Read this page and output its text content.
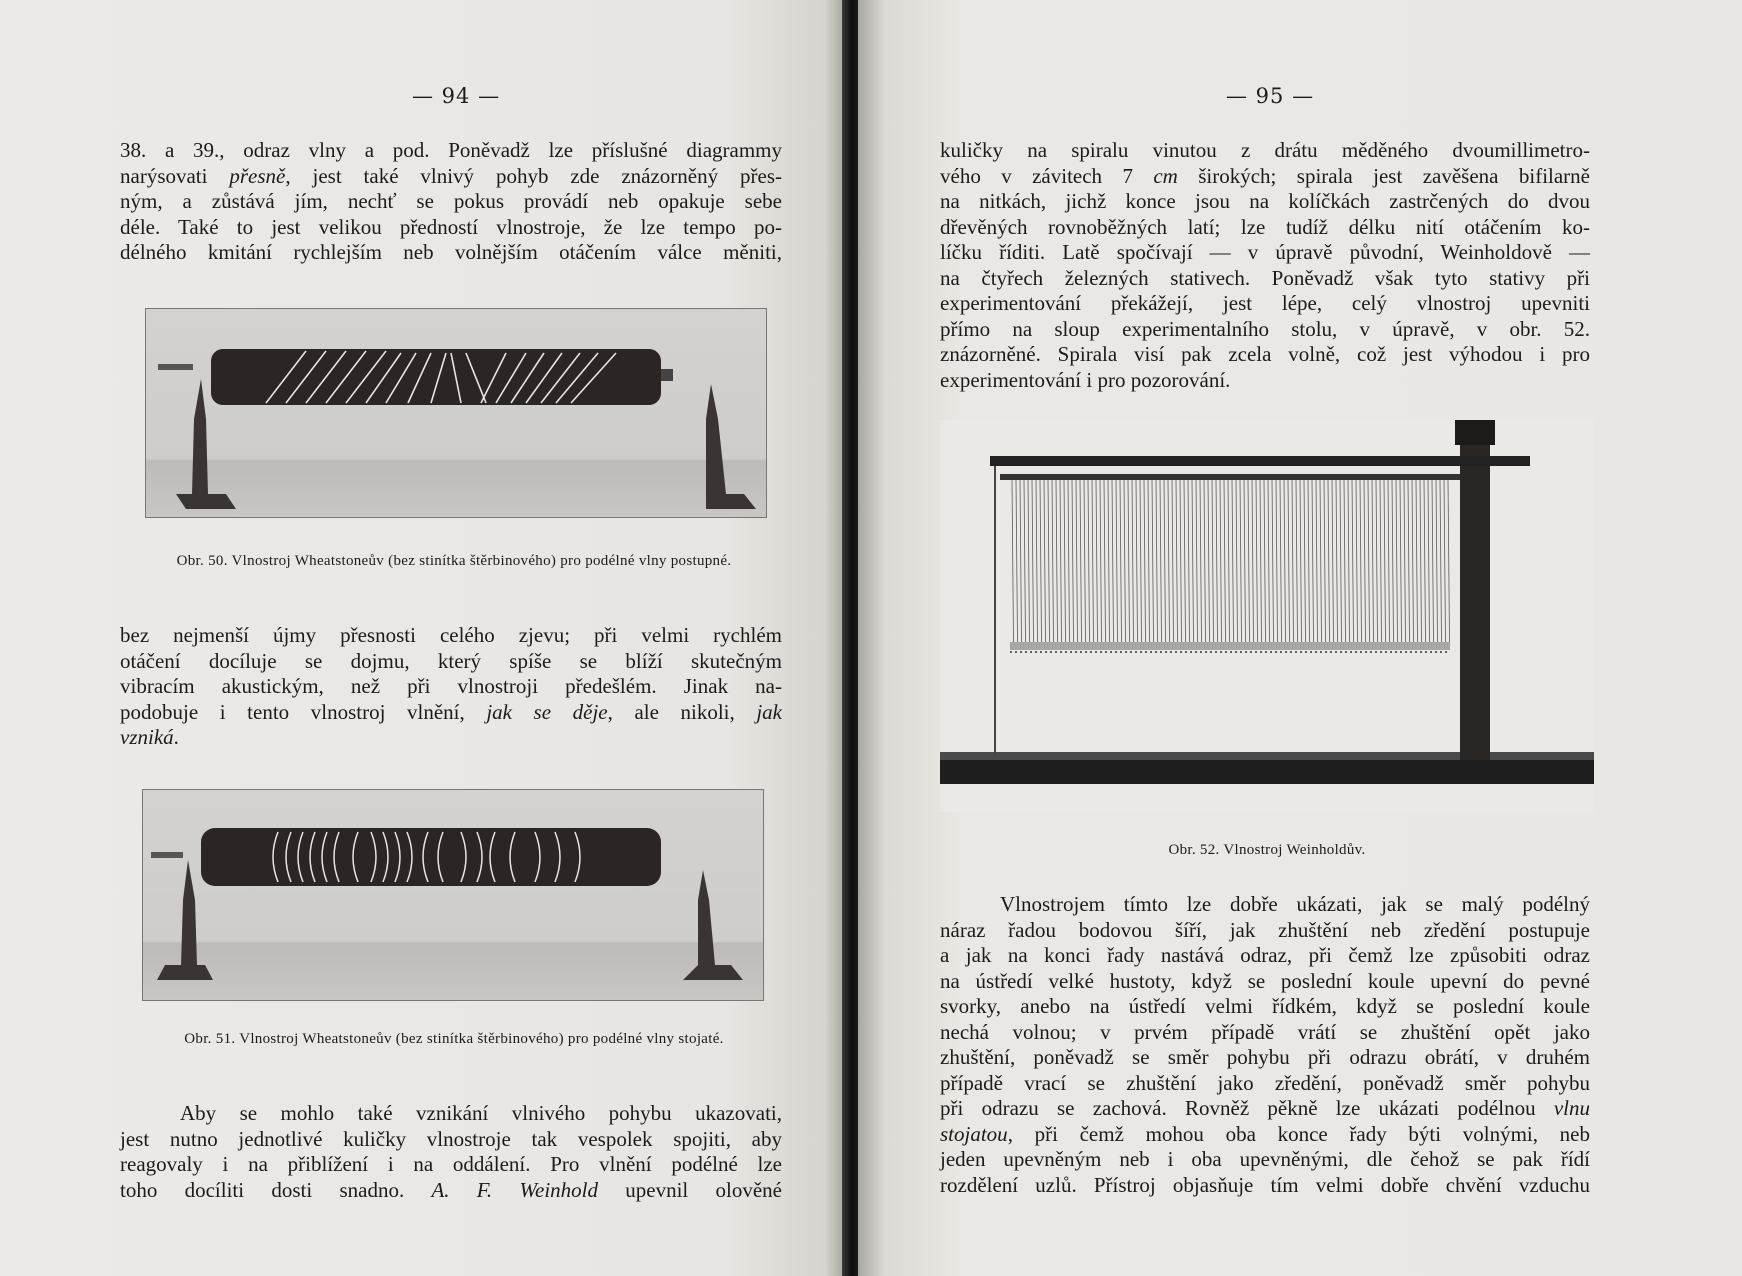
— 94 —

38. a 39., odraz vlny a pod. Poněvadž lze příslušné diagrammy

narýsovati přesně, jest také vlnivý pohyb zde znázorněný přes-

ným, a zůstává jím, nechť se pokus provádí neb opakuje sebe

déle. Také to jest velikou předností vlnostroje, že lze tempo po-

délného kmitání rychlejším neb volnějším otáčením válce měniti,

Obr. 50. Vlnostroj Wheatstoneův (bez stinítka štěrbinového) pro podélné vlny postupné.

bez nejmenší újmy přesnosti celého zjevu; při velmi rychlém

otáčení docíluje se dojmu, který spíše se blíží skutečným

vibracím akustickým, než při vlnostroji předešlém. Jinak na-

podobuje i tento vlnostroj vlnění, jak se děje, ale nikoli, jak

vzniká.

Obr. 51. Vlnostroj Wheatstoneův (bez stinítka štěrbinového) pro podélné vlny stojaté.

Aby se mohlo také vznikání vlnivého pohybu ukazovati,

jest nutno jednotlivé kuličky vlnostroje tak vespolek spojiti, aby

reagovaly i na přiblížení i na oddálení. Pro vlnění podélné lze

toho docíliti dosti snadno. A. F. Weinhold upevnil olověné

— 95 —

kuličky na spiralu vinutou z drátu měděného dvoumillimetro-

vého v závitech 7 cm širokých; spirala jest zavěšena bifilarně

na nitkách, jichž konce jsou na kolíčkách zastrčených do dvou

dřevěných rovnoběžných latí; lze tudíž délku nití otáčením ko-

líčku říditi. Latě spočívají — v úpravě původní, Weinholdově —

na čtyřech železných stativech. Poněvadž však tyto stativy při

experimentování překážejí, jest lépe, celý vlnostroj upevniti

přímo na sloup experimentalního stolu, v úpravě, v obr. 52.

znázorněné. Spirala visí pak zcela volně, což jest výhodou i pro

experimentování i pro pozorování.

Obr. 52. Vlnostroj Weinholdův.

Vlnostrojem tímto lze dobře ukázati, jak se malý podélný

náraz řadou bodovou šíří, jak zhuštění neb zředění postupuje

a jak na konci řady nastává odraz, při čemž lze způsobiti odraz

na ústředí velké hustoty, když se poslední koule upevní do pevné

svorky, anebo na ústředí velmi řídkém, když se poslední koule

nechá volnou; v prvém případě vrátí se zhuštění opět jako

zhuštění, poněvadž se směr pohybu při odrazu obrátí, v druhém

případě vrací se zhuštění jako zředění, poněvadž směr pohybu

při odrazu se zachová. Rovněž pěkně lze ukázati podélnou vlnu

stojatou, při čemž mohou oba konce řady býti volnými, neb

jeden upevněným neb i oba upevněnými, dle čehož se pak řídí

rozdělení uzlů. Přístroj objasňuje tím velmi dobře chvění vzduchu
